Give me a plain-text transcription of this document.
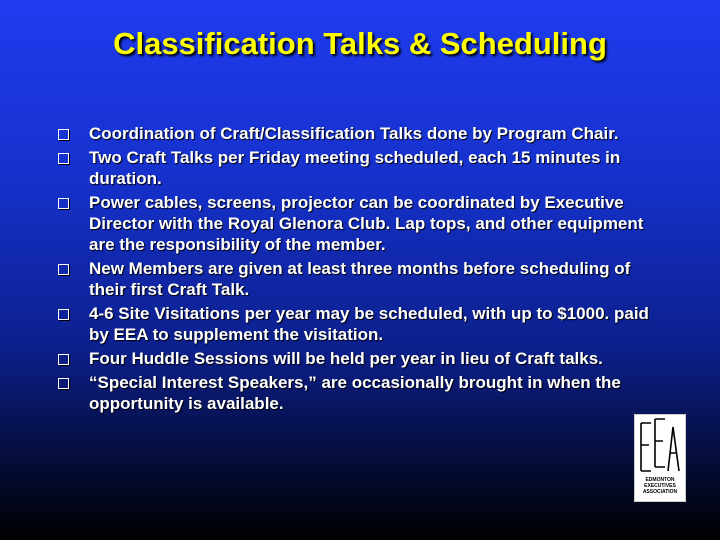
Classification Talks & Scheduling
Coordination of Craft/Classification Talks done by Program Chair.
Two Craft Talks per Friday meeting scheduled, each 15 minutes in duration.
Power cables, screens, projector can be coordinated by Executive Director with the Royal Glenora Club. Lap tops, and other equipment are the responsibility of the member.
New Members are given at least three months before scheduling of their first Craft Talk.
4-6 Site Visitations per year may be scheduled, with up to $1000. paid by EEA to supplement the visitation.
Four Huddle Sessions will be held per year in lieu of Craft talks.
“Special Interest Speakers,” are occasionally brought in when the opportunity is available.
EDMONTON
EXECUTIVES
ASSOCIATION
